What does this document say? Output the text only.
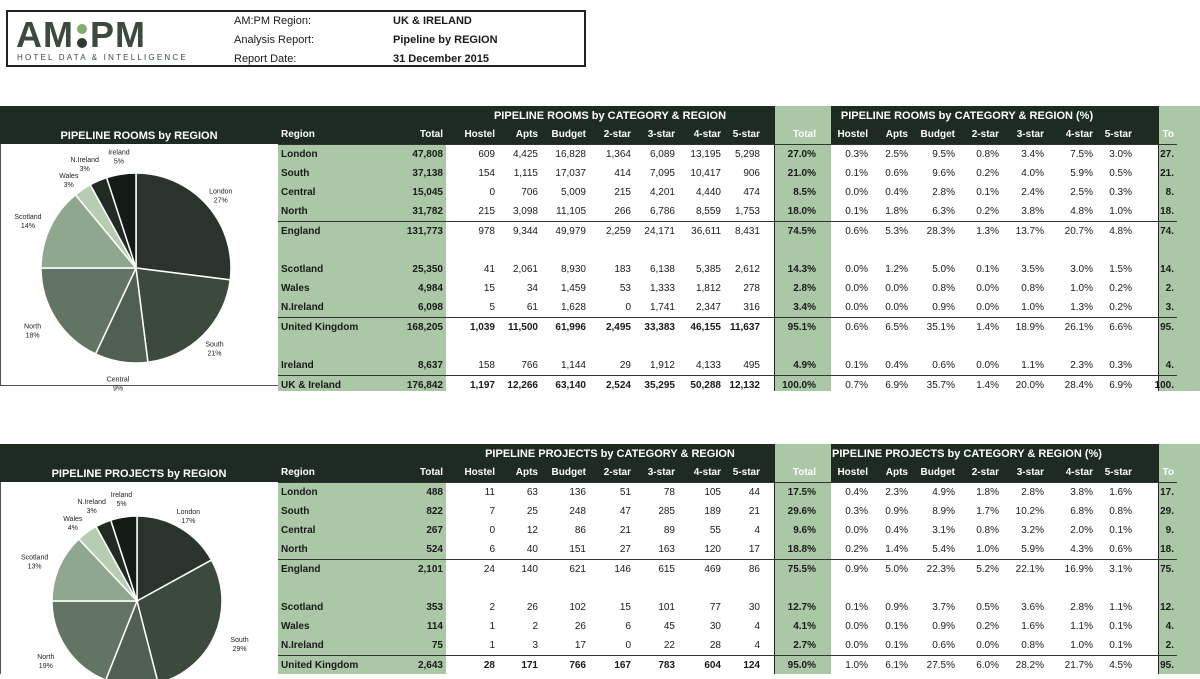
AM PM
HOTEL DATA & INTELLIGENCE
AM:PM Region:	UK & IRELAND
Analysis Report:	Pipeline by REGION
Report Date:	31 December 2015
PIPELINE ROOMS by REGION
PIPELINE ROOMS by CATEGORY & REGION	PIPELINE ROOMS by CATEGORY & REGION (%)
London
27%
South
21%
Central
9%
North
18%
Scotland
14%
Wales
3%
N.Ireland
3%
Ireland
5%

Region	Total	Hostel	Apts	Budget	2-star	3-star	4-star	5-star	Total	Hostel	Apts	Budget	2-star	3-star	4-star	5-star	To
London	47,808	609	4,425	16,828	1,364	6,089	13,195	5,298	27.0%	0.3%	2.5%	9.5%	0.8%	3.4%	7.5%	3.0%	27.
South	37,138	154	1,115	17,037	414	7,095	10,417	906	21.0%	0.1%	0.6%	9.6%	0.2%	4.0%	5.9%	0.5%	21.
Central	15,045	0	706	5,009	215	4,201	4,440	474	8.5%	0.0%	0.4%	2.8%	0.1%	2.4%	2.5%	0.3%	8.
North	31,782	215	3,098	11,105	266	6,786	8,559	1,753	18.0%	0.1%	1.8%	6.3%	0.2%	3.8%	4.8%	1.0%	18.
England	131,773	978	9,344	49,979	2,259	24,171	36,611	8,431	74.5%	0.6%	5.3%	28.3%	1.3%	13.7%	20.7%	4.8%	74.

Scotland	25,350	41	2,061	8,930	183	6,138	5,385	2,612	14.3%	0.0%	1.2%	5.0%	0.1%	3.5%	3.0%	1.5%	14.
Wales	4,984	15	34	1,459	53	1,333	1,812	278	2.8%	0.0%	0.0%	0.8%	0.0%	0.8%	1.0%	0.2%	2.
N.Ireland	6,098	5	61	1,628	0	1,741	2,347	316	3.4%	0.0%	0.0%	0.9%	0.0%	1.0%	1.3%	0.2%	3.
United Kingdom	168,205	1,039	11,500	61,996	2,495	33,383	46,155	11,637	95.1%	0.6%	6.5%	35.1%	1.4%	18.9%	26.1%	6.6%	95.

Ireland	8,637	158	766	1,144	29	1,912	4,133	495	4.9%	0.1%	0.4%	0.6%	0.0%	1.1%	2.3%	0.3%	4.
UK & Ireland	176,842	1,197	12,266	63,140	2,524	35,295	50,288	12,132	100.0%	0.7%	6.9%	35.7%	1.4%	20.0%	28.4%	6.9%	100.
PIPELINE PROJECTS by REGION
PIPELINE PROJECTS by CATEGORY & REGION	PIPELINE PROJECTS by CATEGORY & REGION (%)
London
17%
South
29%
North
19%
Scotland
13%
Wales
4%
N.Ireland
3%
Ireland
5%

Region	Total	Hostel	Apts	Budget	2-star	3-star	4-star	5-star	Total	Hostel	Apts	Budget	2-star	3-star	4-star	5-star	To
London	488	11	63	136	51	78	105	44	17.5%	0.4%	2.3%	4.9%	1.8%	2.8%	3.8%	1.6%	17.
South	822	7	25	248	47	285	189	21	29.6%	0.3%	0.9%	8.9%	1.7%	10.2%	6.8%	0.8%	29.
Central	267	0	12	86	21	89	55	4	9.6%	0.0%	0.4%	3.1%	0.8%	3.2%	2.0%	0.1%	9.
North	524	6	40	151	27	163	120	17	18.8%	0.2%	1.4%	5.4%	1.0%	5.9%	4.3%	0.6%	18.
England	2,101	24	140	621	146	615	469	86	75.5%	0.9%	5.0%	22.3%	5.2%	22.1%	16.9%	3.1%	75.

Scotland	353	2	26	102	15	101	77	30	12.7%	0.1%	0.9%	3.7%	0.5%	3.6%	2.8%	1.1%	12.
Wales	114	1	2	26	6	45	30	4	4.1%	0.0%	0.1%	0.9%	0.2%	1.6%	1.1%	0.1%	4.
N.Ireland	75	1	3	17	0	22	28	4	2.7%	0.0%	0.1%	0.6%	0.0%	0.8%	1.0%	0.1%	2.
United Kingdom	2,643	28	171	766	167	783	604	124	95.0%	1.0%	6.1%	27.5%	6.0%	28.2%	21.7%	4.5%	95.
